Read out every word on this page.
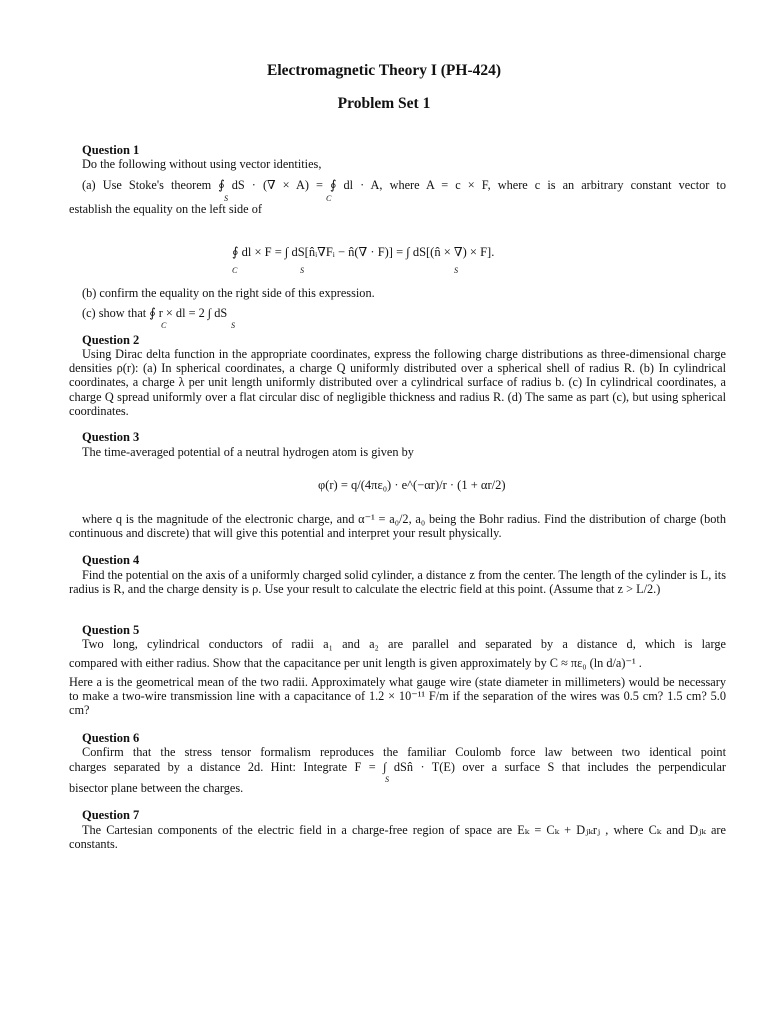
Electromagnetic Theory I (PH-424)
Problem Set 1
Question 1
Do the following without using vector identities,
(a) Use Stoke's theorem ∮ dS · (∇ × A) = ∮ dl · A, where A = c × F, where c is an arbitrary constant vector to
S	C
establish the equality on the left side of
∮ dl × F = ∫ dS[n̂ᵢ∇Fᵢ − n̂(∇ · F)] = ∫ dS[(n̂ × ∇) × F].
C	S	S
(b) confirm the equality on the right side of this expression.
(c) show that ∮ r × dl = 2 ∫ dS
C	S
Question 2
Using Dirac delta function in the appropriate coordinates, express the following charge distributions as three-dimensional charge densities ρ(r): (a) In spherical coordinates, a charge Q uniformly distributed over a spherical shell of radius R. (b) In cylindrical coordinates, a charge λ per unit length uniformly distributed over a cylindrical surface of radius b. (c) In cylindrical coordinates, a charge Q spread uniformly over a flat circular disc of negligible thickness and radius R. (d) The same as part (c), but using spherical coordinates.
Question 3
The time-averaged potential of a neutral hydrogen atom is given by
φ(r) = q/(4πε₀) · e^(−αr)/r · (1 + αr/2)
where q is the magnitude of the electronic charge, and α⁻¹ = a₀/2, a₀ being the Bohr radius. Find the distribution of charge (both continuous and discrete) that will give this potential and interpret your result physically.
Question 4
Find the potential on the axis of a uniformly charged solid cylinder, a distance z from the center. The length of the cylinder is L, its radius is R, and the charge density is ρ. Use your result to calculate the electric field at this point. (Assume that z > L/2.)
Question 5
Two long, cylindrical conductors of radii a₁ and a₂ are parallel and separated by a distance d, which is large
compared with either radius. Show that the capacitance per unit length is given approximately by C ≈ πε₀ (ln d/a)⁻¹ .
Here a is the geometrical mean of the two radii. Approximately what gauge wire (state diameter in millimeters) would be necessary to make a two-wire transmission line with a capacitance of 1.2 × 10⁻¹¹ F/m if the separation of the wires was 0.5 cm? 1.5 cm? 5.0 cm?
Question 6
Confirm that the stress tensor formalism reproduces the familiar Coulomb force law between two identical point
charges separated by a distance 2d. Hint: Integrate F = ∫ dSn̂ · T(E) over a surface S that includes the perpendicular
S
bisector plane between the charges.
Question 7
The Cartesian components of the electric field in a charge-free region of space are Eₖ = Cₖ + Dⱼₖrⱼ , where Cₖ and Dⱼₖ are constants.
